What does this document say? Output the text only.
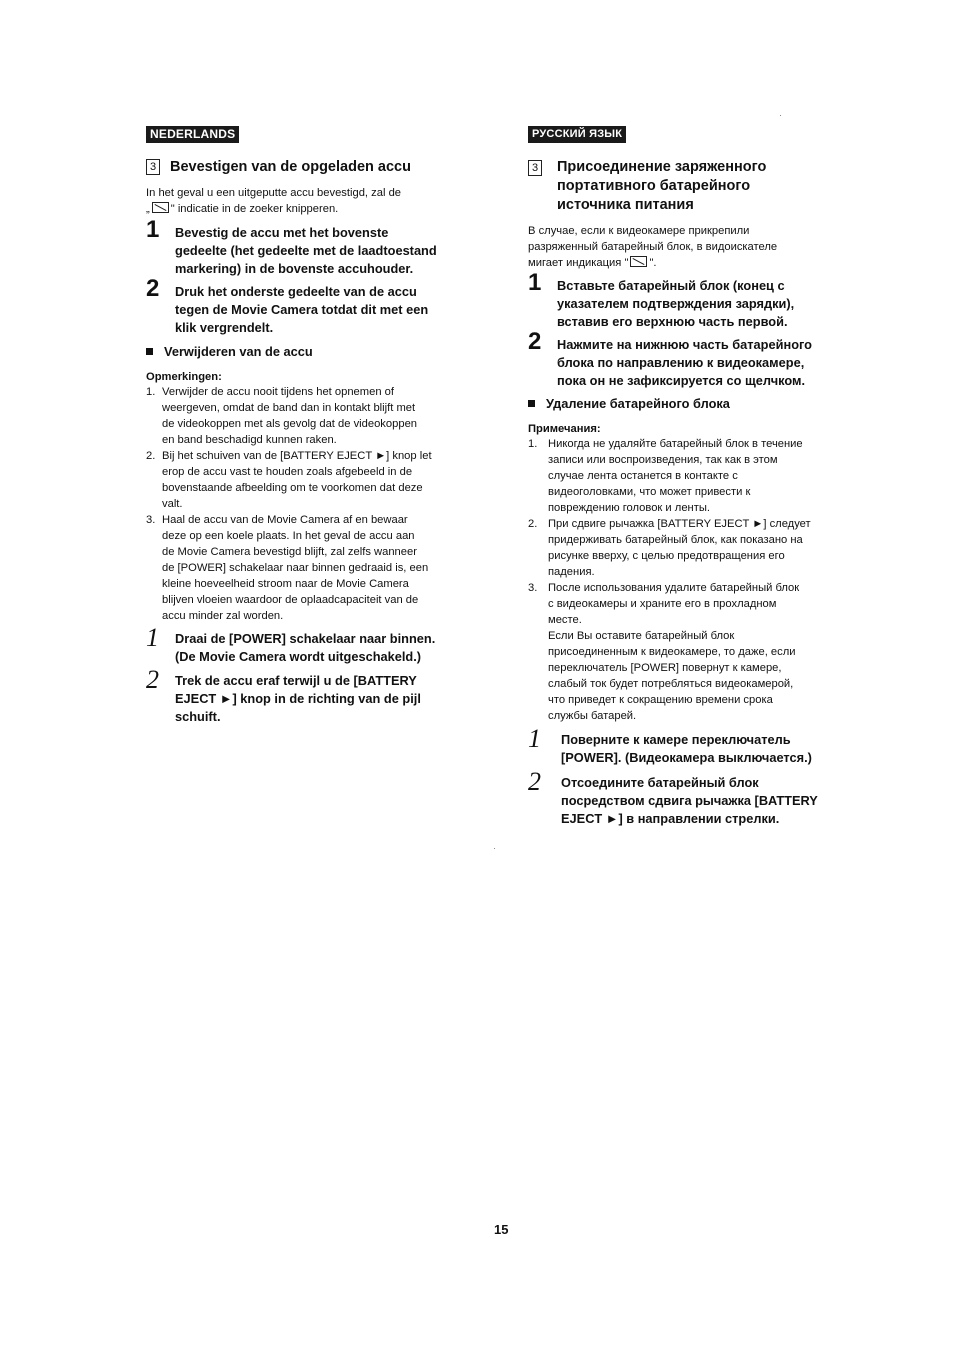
NEDERLANDS
3 Bevestigen van de opgeladen accu
In het geval u een uitgeputte accu bevestigd, zal de
„ " indicatie in de zoeker knipperen.
1 Bevestig de accu met het bovenste
gedeelte (het gedeelte met de laadtoestand
markering) in de bovenste accuhouder.
2 Druk het onderste gedeelte van de accu
tegen de Movie Camera totdat dit met een
klik vergrendelt.
Verwijderen van de accu
Opmerkingen:
1. Verwijder de accu nooit tijdens het opnemen of
weergeven, omdat de band dan in kontakt blijft met
de videokoppen met als gevolg dat de videokoppen
en band beschadigd kunnen raken.
2. Bij het schuiven van de [BATTERY EJECT ►] knop let
erop de accu vast te houden zoals afgebeeld in de
bovenstaande afbeelding om te voorkomen dat deze
valt.
3. Haal de accu van de Movie Camera af en bewaar
deze op een koele plaats. In het geval de accu aan
de Movie Camera bevestigd blijft, zal zelfs wanneer
de [POWER] schakelaar naar binnen gedraaid is, een
kleine hoeveelheid stroom naar de Movie Camera
blijven vloeien waardoor de oplaadcapaciteit van de
accu minder zal worden.
1 Draai de [POWER] schakelaar naar binnen.
(De Movie Camera wordt uitgeschakeld.)
2 Trek de accu eraf terwijl u de [BATTERY
EJECT ►] knop in de richting van de pijl
schuift.
РУССКИЙ ЯЗЫК
3 Присоединение заряженного
портативного батарейного
источника питания
В случае, если к видеокамере прикрепили
разряженный батарейный блок, в видоискателе
мигает индикация " ".
1 Вставьте батарейный блок (конец с
указателем подтверждения зарядки),
вставив его верхнюю часть первой.
2 Нажмите на нижнюю часть батарейного
блока по направлению к видеокамере,
пока он не зафиксируется со щелчком.
Удаление батарейного блока
Примечания:
1. Никогда не удаляйте батарейный блок в течение
записи или воспроизведения, так как в этом
случае лента останется в контакте с
видеоголовками, что может привести к
повреждению головок и ленты.
2. При сдвиге рычажка [BATTERY EJECT ►] следует
придерживать батарейный блок, как показано на
рисунке вверху, с целью предотвращения его
падения.
3. После использования удалите батарейный блок
с видеокамеры и храните его в прохладном
месте.
Если Вы оставите батарейный блок
присоединенным к видеокамере, то даже, если
переключатель [POWER] повернут к камере,
слабый ток будет потребляться видеокамерой,
что приведет к сокращению времени срока
службы батарей.
1 Поверните к камере переключатель
[POWER]. (Видеокамера выключается.)
2 Отсоедините батарейный блок
посредством сдвига рычажка [BATTERY
EJECT ►] в направлении стрелки.
15
